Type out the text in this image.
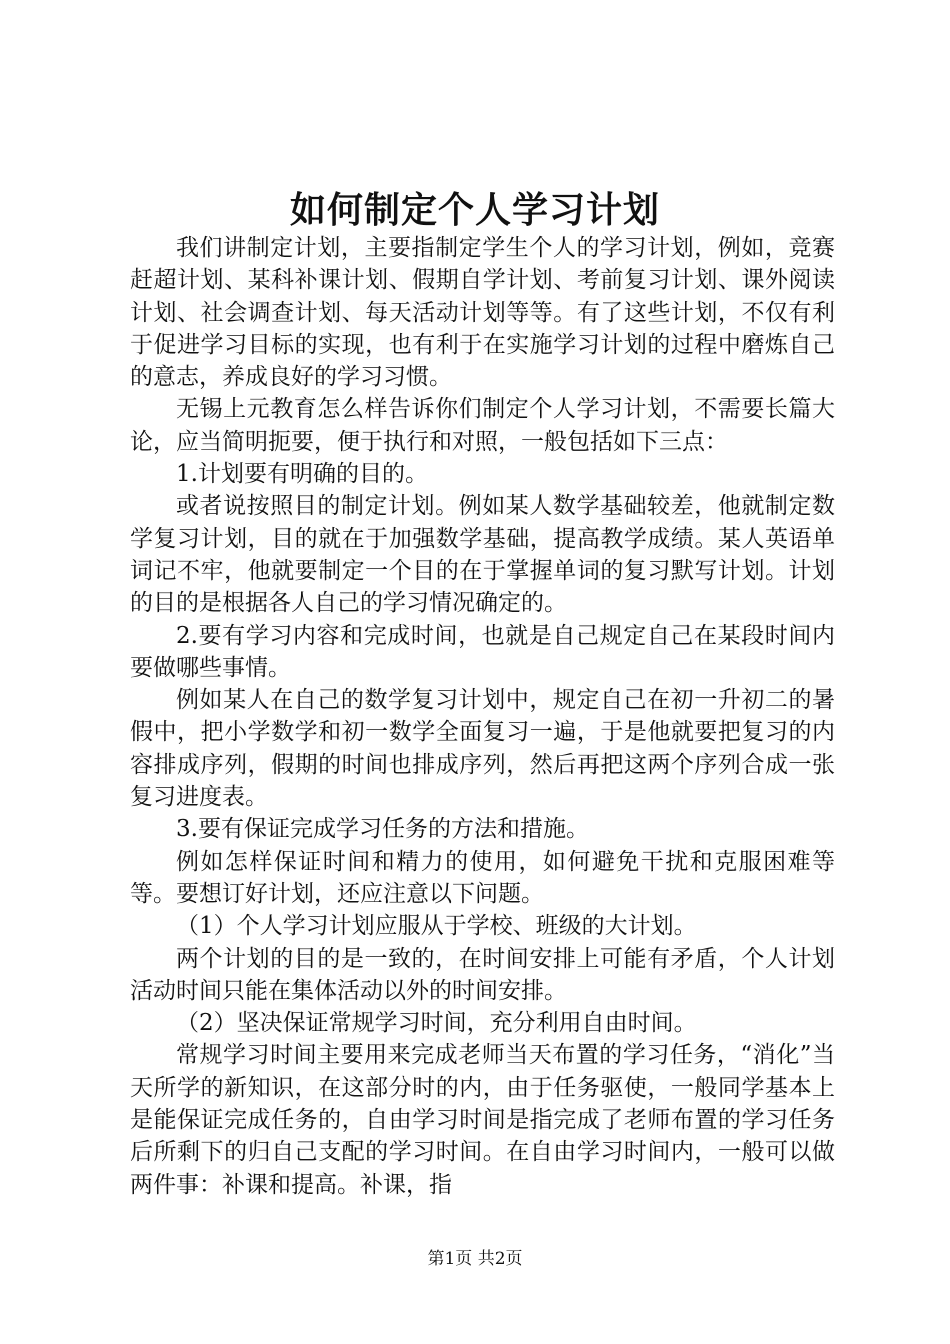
如何制定个人学习计划

我们讲制定计划，主要指制定学生个人的学习计划，例如，竞赛赶超计划、某科补课计划、假期自学计划、考前复习计划、课外阅读计划、社会调查计划、每天活动计划等等。有了这些计划，不仅有利于促进学习目标的实现，也有利于在实施学习计划的过程中磨炼自己的意志，养成良好的学习习惯。

无锡上元教育怎么样告诉你们制定个人学习计划，不需要长篇大论，应当简明扼要，便于执行和对照，一般包括如下三点：

1.计划要有明确的目的。

或者说按照目的制定计划。例如某人数学基础较差，他就制定数学复习计划，目的就在于加强数学基础，提高教学成绩。某人英语单词记不牢，他就要制定一个目的在于掌握单词的复习默写计划。计划的目的是根据各人自己的学习情况确定的。

2.要有学习内容和完成时间，也就是自己规定自己在某段时间内要做哪些事情。

例如某人在自己的数学复习计划中，规定自己在初一升初二的暑假中，把小学数学和初一数学全面复习一遍，于是他就要把复习的内容排成序列，假期的时间也排成序列，然后再把这两个序列合成一张复习进度表。

3.要有保证完成学习任务的方法和措施。

例如怎样保证时间和精力的使用，如何避免干扰和克服困难等等。要想订好计划，还应注意以下问题。

（1）个人学习计划应服从于学校、班级的大计划。

两个计划的目的是一致的，在时间安排上可能有矛盾，个人计划活动时间只能在集体活动以外的时间安排。

（2）坚决保证常规学习时间，充分利用自由时间。

常规学习时间主要用来完成老师当天布置的学习任务，“消化”当天所学的新知识，在这部分时的内，由于任务驱使，一般同学基本上是能保证完成任务的，自由学习时间是指完成了老师布置的学习任务后所剩下的归自己支配的学习时间。在自由学习时间内，一般可以做两件事：补课和提高。补课，指

第1页 共2页
